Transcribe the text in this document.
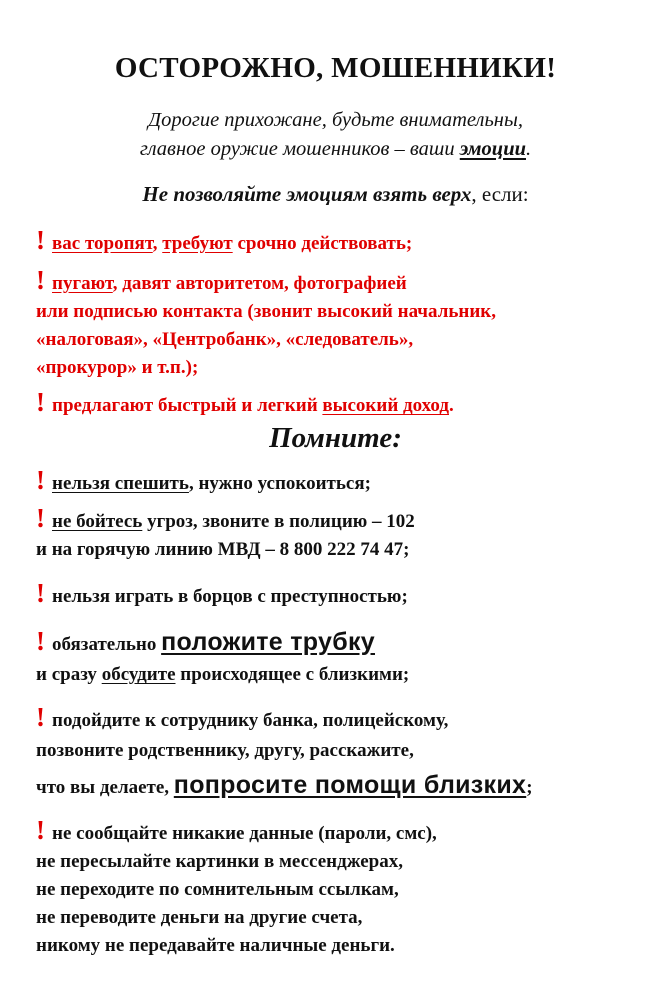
ОСТОРОЖНО, МОШЕННИКИ!
Дорогие прихожане, будьте внимательны,
главное оружие мошенников – ваши эмоции.
Не позволяйте эмоциям взять верх, если:
! вас торопят, требуют срочно действовать;
! пугают, давят авторитетом, фотографией
или подписью контакта (звонит высокий начальник,
«налоговая», «Центробанк», «следователь»,
«прокурор» и т.п.);
! предлагают быстрый и легкий высокий доход.
Помните:
! нельзя спешить, нужно успокоиться;
! не бойтесь угроз, звоните в полицию – 102
и на горячую линию МВД – 8 800 222 74 47;
! нельзя играть в борцов с преступностью;
! обязательно положите трубку
и сразу обсудите происходящее с близкими;
! подойдите к сотруднику банка, полицейскому,
позвоните родственнику, другу, расскажите,
что вы делаете, попросите помощи близких;
! не сообщайте никакие данные (пароли, смс),
не пересылайте картинки в мессенджерах,
не переходите по сомнительным ссылкам,
не переводите деньги на другие счета,
никому не передавайте наличные деньги.
